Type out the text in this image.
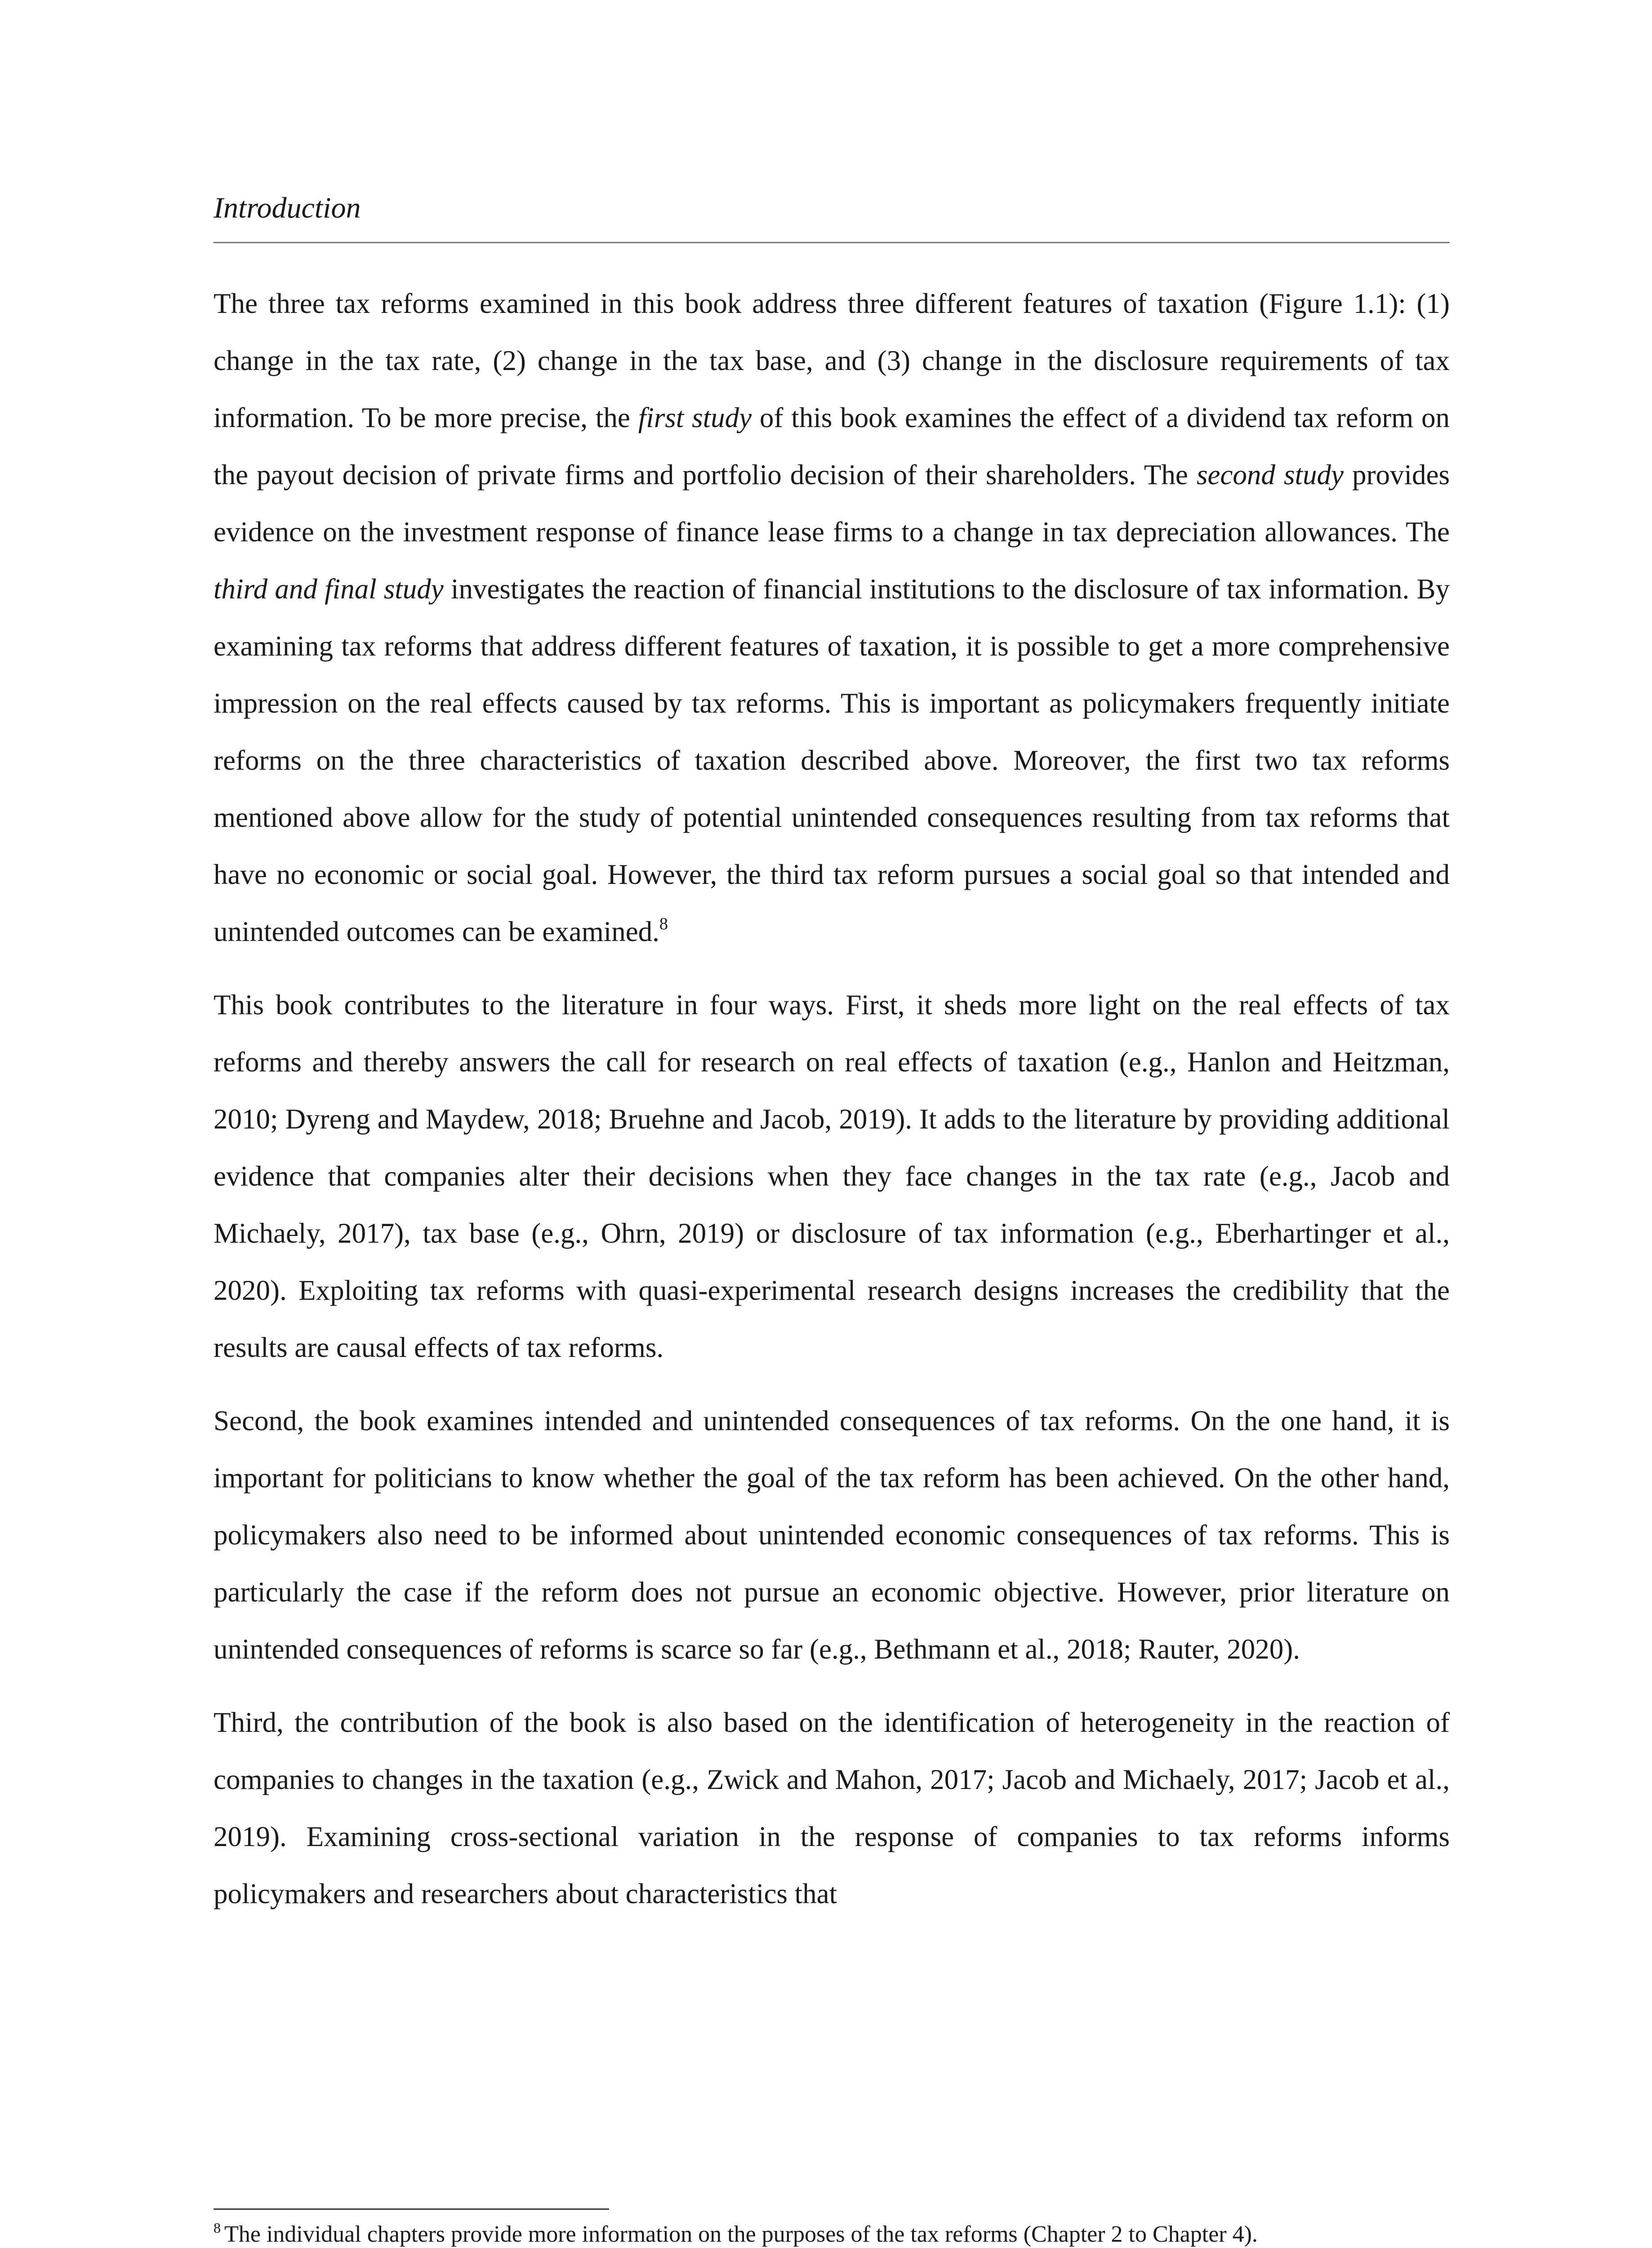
Introduction

The three tax reforms examined in this book address three different features of taxation (Figure 1.1): (1) change in the tax rate, (2) change in the tax base, and (3) change in the disclosure requirements of tax information. To be more precise, the first study of this book examines the effect of a dividend tax reform on the payout decision of private firms and portfolio decision of their shareholders. The second study provides evidence on the investment response of finance lease firms to a change in tax depreciation allowances. The third and final study investigates the reaction of financial institutions to the disclosure of tax information. By examining tax reforms that address different features of taxation, it is possible to get a more comprehensive impression on the real effects caused by tax reforms. This is important as policymakers frequently initiate reforms on the three characteristics of taxation described above. Moreover, the first two tax reforms mentioned above allow for the study of potential unintended consequences resulting from tax reforms that have no economic or social goal. However, the third tax reform pursues a social goal so that intended and unintended outcomes can be examined.$^8$

This book contributes to the literature in four ways. First, it sheds more light on the real effects of tax reforms and thereby answers the call for research on real effects of taxation (e.g., Hanlon and Heitzman, 2010; Dyreng and Maydew, 2018; Bruehne and Jacob, 2019). It adds to the literature by providing additional evidence that companies alter their decisions when they face changes in the tax rate (e.g., Jacob and Michaely, 2017), tax base (e.g., Ohrn, 2019) or disclosure of tax information (e.g., Eberhartinger et al., 2020). Exploiting tax reforms with quasi-experimental research designs increases the credibility that the results are causal effects of tax reforms.

Second, the book examines intended and unintended consequences of tax reforms. On the one hand, it is important for politicians to know whether the goal of the tax reform has been achieved. On the other hand, policymakers also need to be informed about unintended economic consequences of tax reforms. This is particularly the case if the reform does not pursue an economic objective. However, prior literature on unintended consequences of reforms is scarce so far (e.g., Bethmann et al., 2018; Rauter, 2020).

Third, the contribution of the book is also based on the identification of heterogeneity in the reaction of companies to changes in the taxation (e.g., Zwick and Mahon, 2017; Jacob and Michaely, 2017; Jacob et al., 2019). Examining cross-sectional variation in the response of companies to tax reforms informs policymakers and researchers about characteristics that

$^8$ The individual chapters provide more information on the purposes of the tax reforms (Chapter 2 to Chapter 4).
